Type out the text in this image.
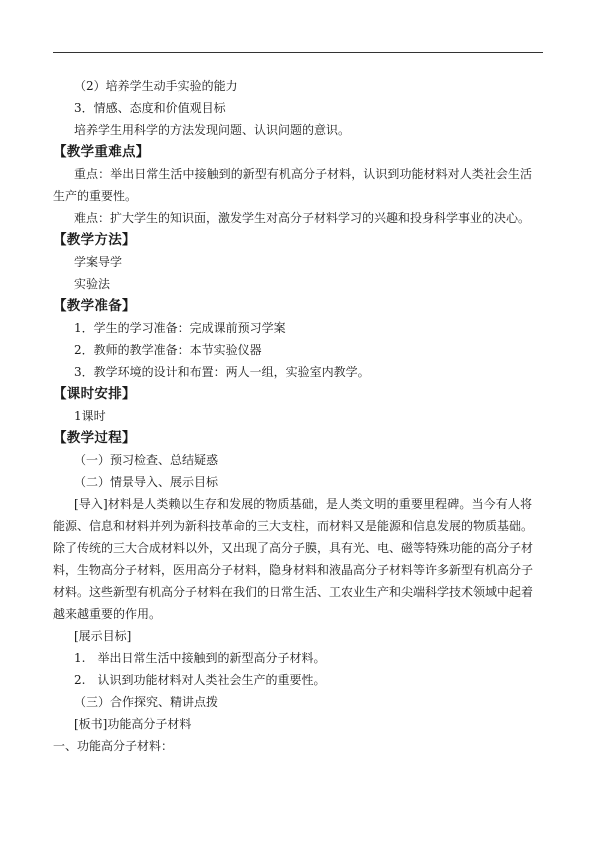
（2）培养学生动手实验的能力
3．情感、态度和价值观目标
培养学生用科学的方法发现问题、认识问题的意识。
【教学重难点】
重点：举出日常生活中接触到的新型有机高分子材料，认识到功能材料对人类社会生活
生产的重要性。
难点：扩大学生的知识面，激发学生对高分子材料学习的兴趣和投身科学事业的决心。
【教学方法】
学案导学
实验法
【教学准备】
1．学生的学习准备：完成课前预习学案
2．教师的教学准备：本节实验仪器
3．教学环境的设计和布置：两人一组，实验室内教学。
【课时安排】
1课时
【教学过程】
（一）预习检查、总结疑惑
（二）情景导入、展示目标
[导入]材料是人类赖以生存和发展的物质基础，是人类文明的重要里程碑。当今有人将
能源、信息和材料并列为新科技革命的三大支柱，而材料又是能源和信息发展的物质基础。
除了传统的三大合成材料以外，又出现了高分子膜，具有光、电、磁等特殊功能的高分子材
料，生物高分子材料，医用高分子材料，隐身材料和液晶高分子材料等许多新型有机高分子
材料。这些新型有机高分子材料在我们的日常生活、工农业生产和尖端科学技术领域中起着
越来越重要的作用。
[展示目标]
1.　举出日常生活中接触到的新型高分子材料。
2.　认识到功能材料对人类社会生产的重要性。
（三）合作探究、精讲点拨
[板书]功能高分子材料
一、功能高分子材料：
